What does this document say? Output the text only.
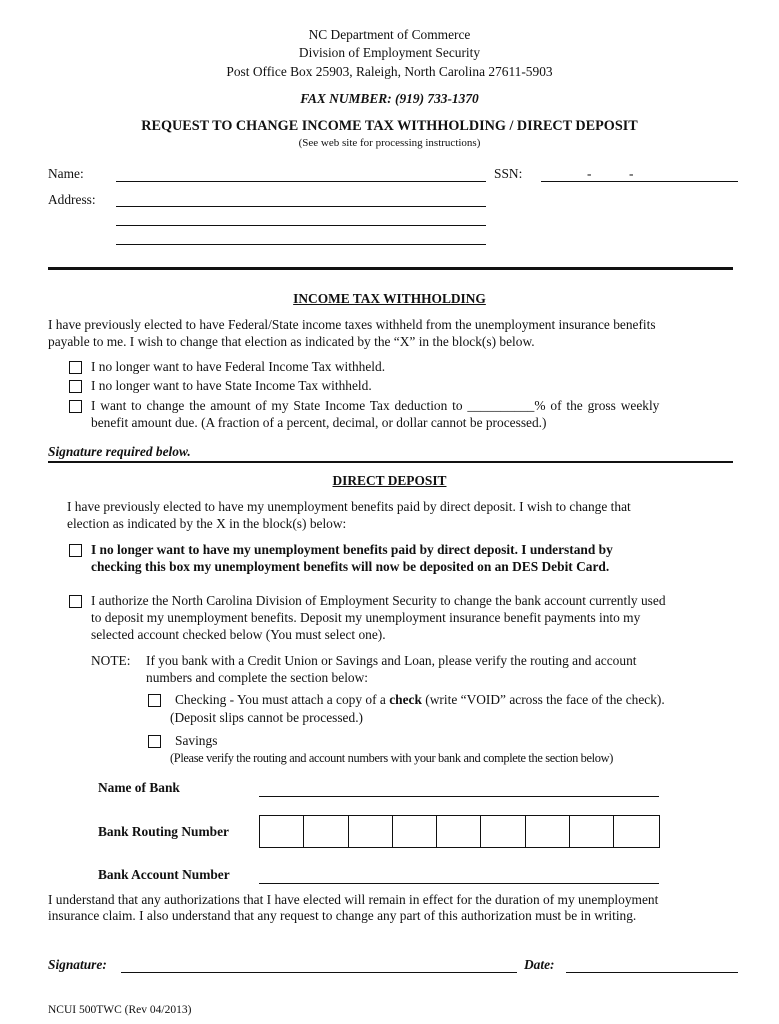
NC Department of Commerce
Division of Employment Security
Post Office Box 25903, Raleigh, North Carolina 27611-5903
FAX NUMBER: (919) 733-1370
REQUEST TO CHANGE INCOME TAX WITHHOLDING / DIRECT DEPOSIT
(See web site for processing instructions)
Name:	SSN:	-	-
Address:
INCOME TAX WITHHOLDING
I have previously elected to have Federal/State income taxes withheld from the unemployment insurance benefits
payable to me. I wish to change that election as indicated by the “X” in the block(s) below.
I no longer want to have Federal Income Tax withheld.
I no longer want to have State Income Tax withheld.
I want to change the amount of my State Income Tax deduction to __________% of the gross weekly
benefit amount due. (A fraction of a percent, decimal, or dollar cannot be processed.)
Signature required below.
DIRECT DEPOSIT
I have previously elected to have my unemployment benefits paid by direct deposit. I wish to change that
election as indicated by the X in the block(s) below:
I no longer want to have my unemployment benefits paid by direct deposit. I understand by
checking this box my unemployment benefits will now be deposited on an DES Debit Card.
I authorize the North Carolina Division of Employment Security to change the bank account currently used
to deposit my unemployment benefits. Deposit my unemployment insurance benefit payments into my
selected account checked below (You must select one).
NOTE: If you bank with a Credit Union or Savings and Loan, please verify the routing and account
numbers and complete the section below:
Checking - You must attach a copy of a check (write “VOID” across the face of the check).
(Deposit slips cannot be processed.)
Savings
(Please verify the routing and account numbers with your bank and complete the section below)
Name of Bank
Bank Routing Number
Bank Account Number
I understand that any authorizations that I have elected will remain in effect for the duration of my unemployment
insurance claim. I also understand that any request to change any part of this authorization must be in writing.
Signature:	Date:
NCUI 500TWC (Rev 04/2013)
